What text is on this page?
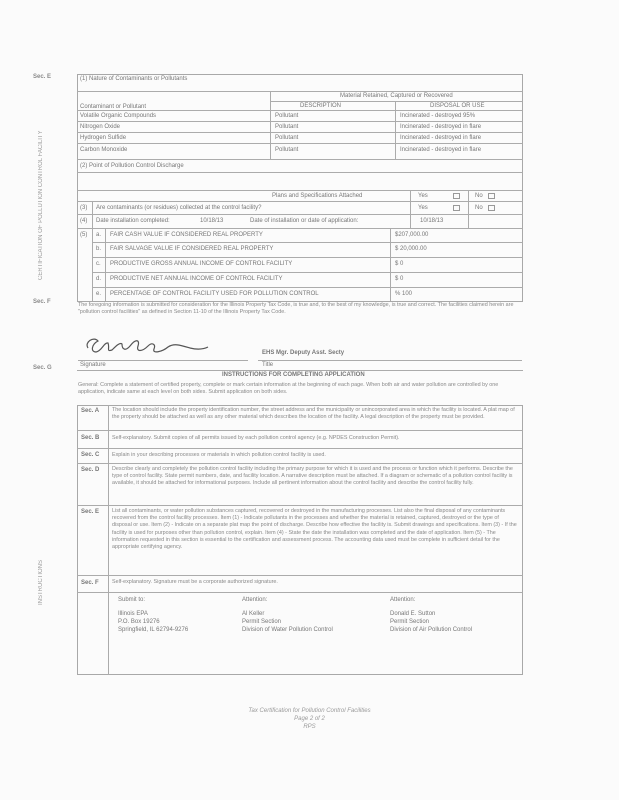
Sec. E
Sec. F
Sec. G
CERTIFICATION OF POLLUTION CONTROL FACILITY
INSTRUCTIONS
(1) Nature of Contaminants or Pollutants
Contaminant or Pollutant
Material Retained, Captured or Recovered
DESCRIPTION	DISPOSAL OR USE
Volatile Organic Compounds	Pollutant	Incinerated - destroyed 95%
Nitrogen Oxide	Pollutant	Incinerated - destroyed in flare
Hydrogen Sulfide	Pollutant	Incinerated - destroyed in flare
Carbon Monoxide	Pollutant	Incinerated - destroyed in flare
(2) Point of Pollution Control Discharge
Plans and Specifications Attached	Yes	No
(3) Are contaminants (or residues) collected at the control facility?	Yes	No
(4) Date installation completed:	10/18/13	Date of installation or date of application:	10/18/13
(5) a. FAIR CASH VALUE IF CONSIDERED REAL PROPERTY	$207,000.00
b. FAIR SALVAGE VALUE IF CONSIDERED REAL PROPERTY	$ 20,000.00
c. PRODUCTIVE GROSS ANNUAL INCOME OF CONTROL FACILITY	$ 0
d. PRODUCTIVE NET ANNUAL INCOME OF CONTROL FACILITY	$ 0
e. PERCENTAGE OF CONTROL FACILITY USED FOR POLLUTION CONTROL	% 100
The foregoing information is submitted for consideration for the Illinois Property Tax Code, is true and, to the best of my knowledge, is true and correct. The facilities claimed herein are "pollution control facilities" as defined in Section 11-10 of the Illinois Property Tax Code.
EHS Mgr. Deputy Asst. Secty
Signature	Title
INSTRUCTIONS FOR COMPLETING APPLICATION
General: Complete a statement of certified property, complete or mark certain information at the beginning of each page. When both air and water pollution are controlled by one application, indicate same at each level on both sides. Submit application on both sides.
Sec. A The location should include the property identification number, the street address and the municipality or unincorporated area in which the facility is located. A plat map of the property should be attached as well as any other material which describes the location of the facility. A legal description of the property must be provided.
Sec. B Self-explanatory. Submit copies of all permits issued by each pollution control agency (e.g. NPDES Construction Permit).
Sec. C Explain in your describing processes or materials in which pollution control facility is used.
Sec. D Describe clearly and completely the pollution control facility including the primary purpose for which it is used and the process or function which it performs. Describe the type of control facility. State permit numbers, date, and facility location. A narrative description must be attached. If a diagram or schematic of a pollution control facility is available, it should be attached for informational purposes. Include all pertinent information about the control facility and describe the control facility fully.
Sec. E List all contaminants, or water pollution substances captured, recovered or destroyed in the manufacturing processes. List also the final disposal of any contaminants recovered from the control facility processes. Item (1) - Indicate pollutants in the processes and whether the material is retained, captured, destroyed or the type of disposal or use. Item (2) - Indicate on a separate plat map the point of discharge. Describe how effective the facility is. Submit drawings and specifications. Item (3) - If the facility is used for purposes other than pollution control, explain. Item (4) - State the date the installation was completed and the date of application. Item (5) - The information requested in this section is essential to the certification and assessment process. The accounting data used must be complete in sufficient detail for the appropriate certifying agency.
Sec. F Self-explanatory. Signature must be a corporate authorized signature.
Submit to:
Illinois EPA
P.O. Box 19276
Springfield, IL 62794-9276
Attention:
Al Keller
Permit Section
Division of Water Pollution Control
Attention:
Donald E. Sutton
Permit Section
Division of Air Pollution Control
Tax Certification for Pollution Control Facilities
Page 2 of 2
RPS
